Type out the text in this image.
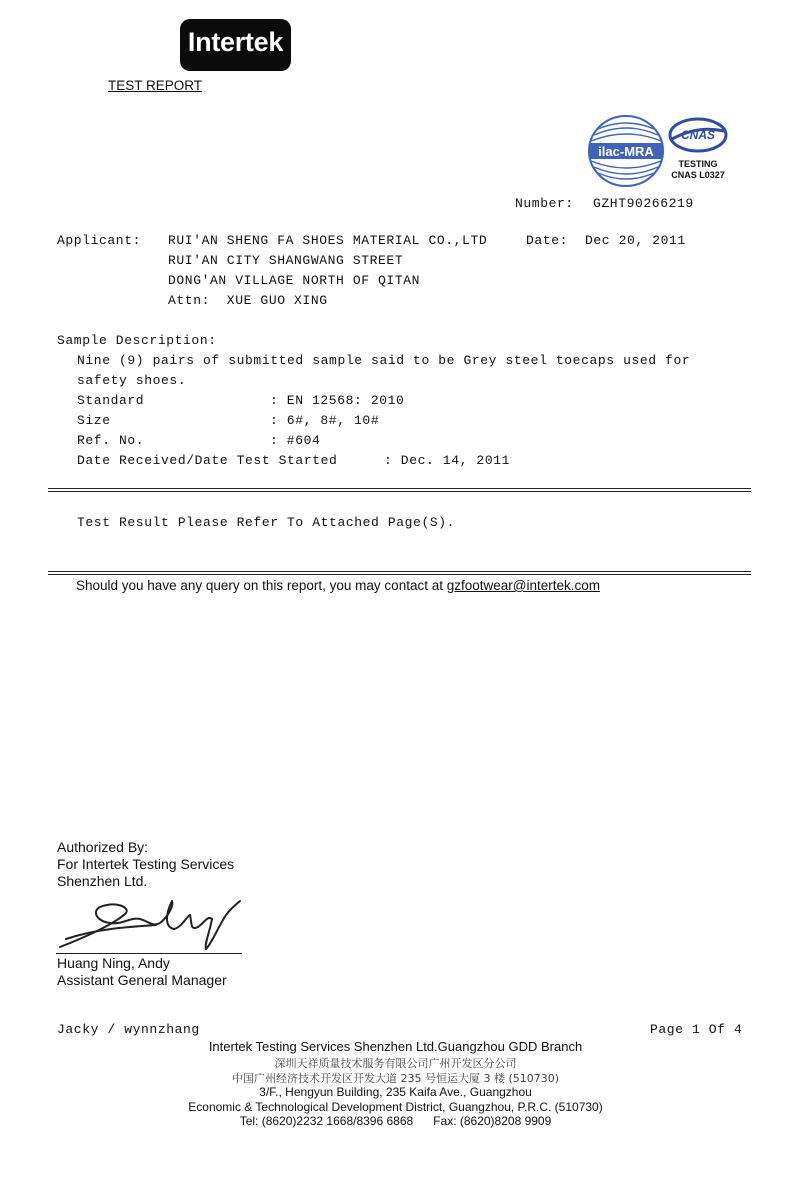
Intertek
TEST REPORT
ilac-MRA
CNAS
TESTING
CNAS L0327
Number: GZHT90266219
Applicant: RUI'AN SHENG FA SHOES MATERIAL CO.,LTD
RUI'AN CITY SHANGWANG STREET
DONG'AN VILLAGE NORTH OF QITAN
Attn:  XUE GUO XING
Date: Dec 20, 2011
Sample Description:
Nine (9) pairs of submitted sample said to be Grey steel toecaps used for
safety shoes.
Standard	: EN 12568: 2010
Size	: 6#, 8#, 10#
Ref. No.	: #604
Date Received/Date Test Started	: Dec. 14, 2011
Test Result Please Refer To Attached Page(S).
Should you have any query on this report, you may contact at gzfootwear@intertek.com
Authorized By:
For Intertek Testing Services
Shenzhen Ltd.
Huang Ning, Andy
Assistant General Manager
Jacky / wynnzhang	Page 1 Of 4
Intertek Testing Services Shenzhen Ltd.Guangzhou GDD Branch
深圳天祥质量技术服务有限公司广州开发区分公司
中国广州经济技术开发区开发大道 235 号恒运大厦 3 楼 (510730)
3/F., Hengyun Building, 235 Kaifa Ave., Guangzhou
Economic & Technological Development District, Guangzhou, P.R.C. (510730)
Tel: (8620)2232 1668/8396 6868      Fax: (8620)8208 9909
